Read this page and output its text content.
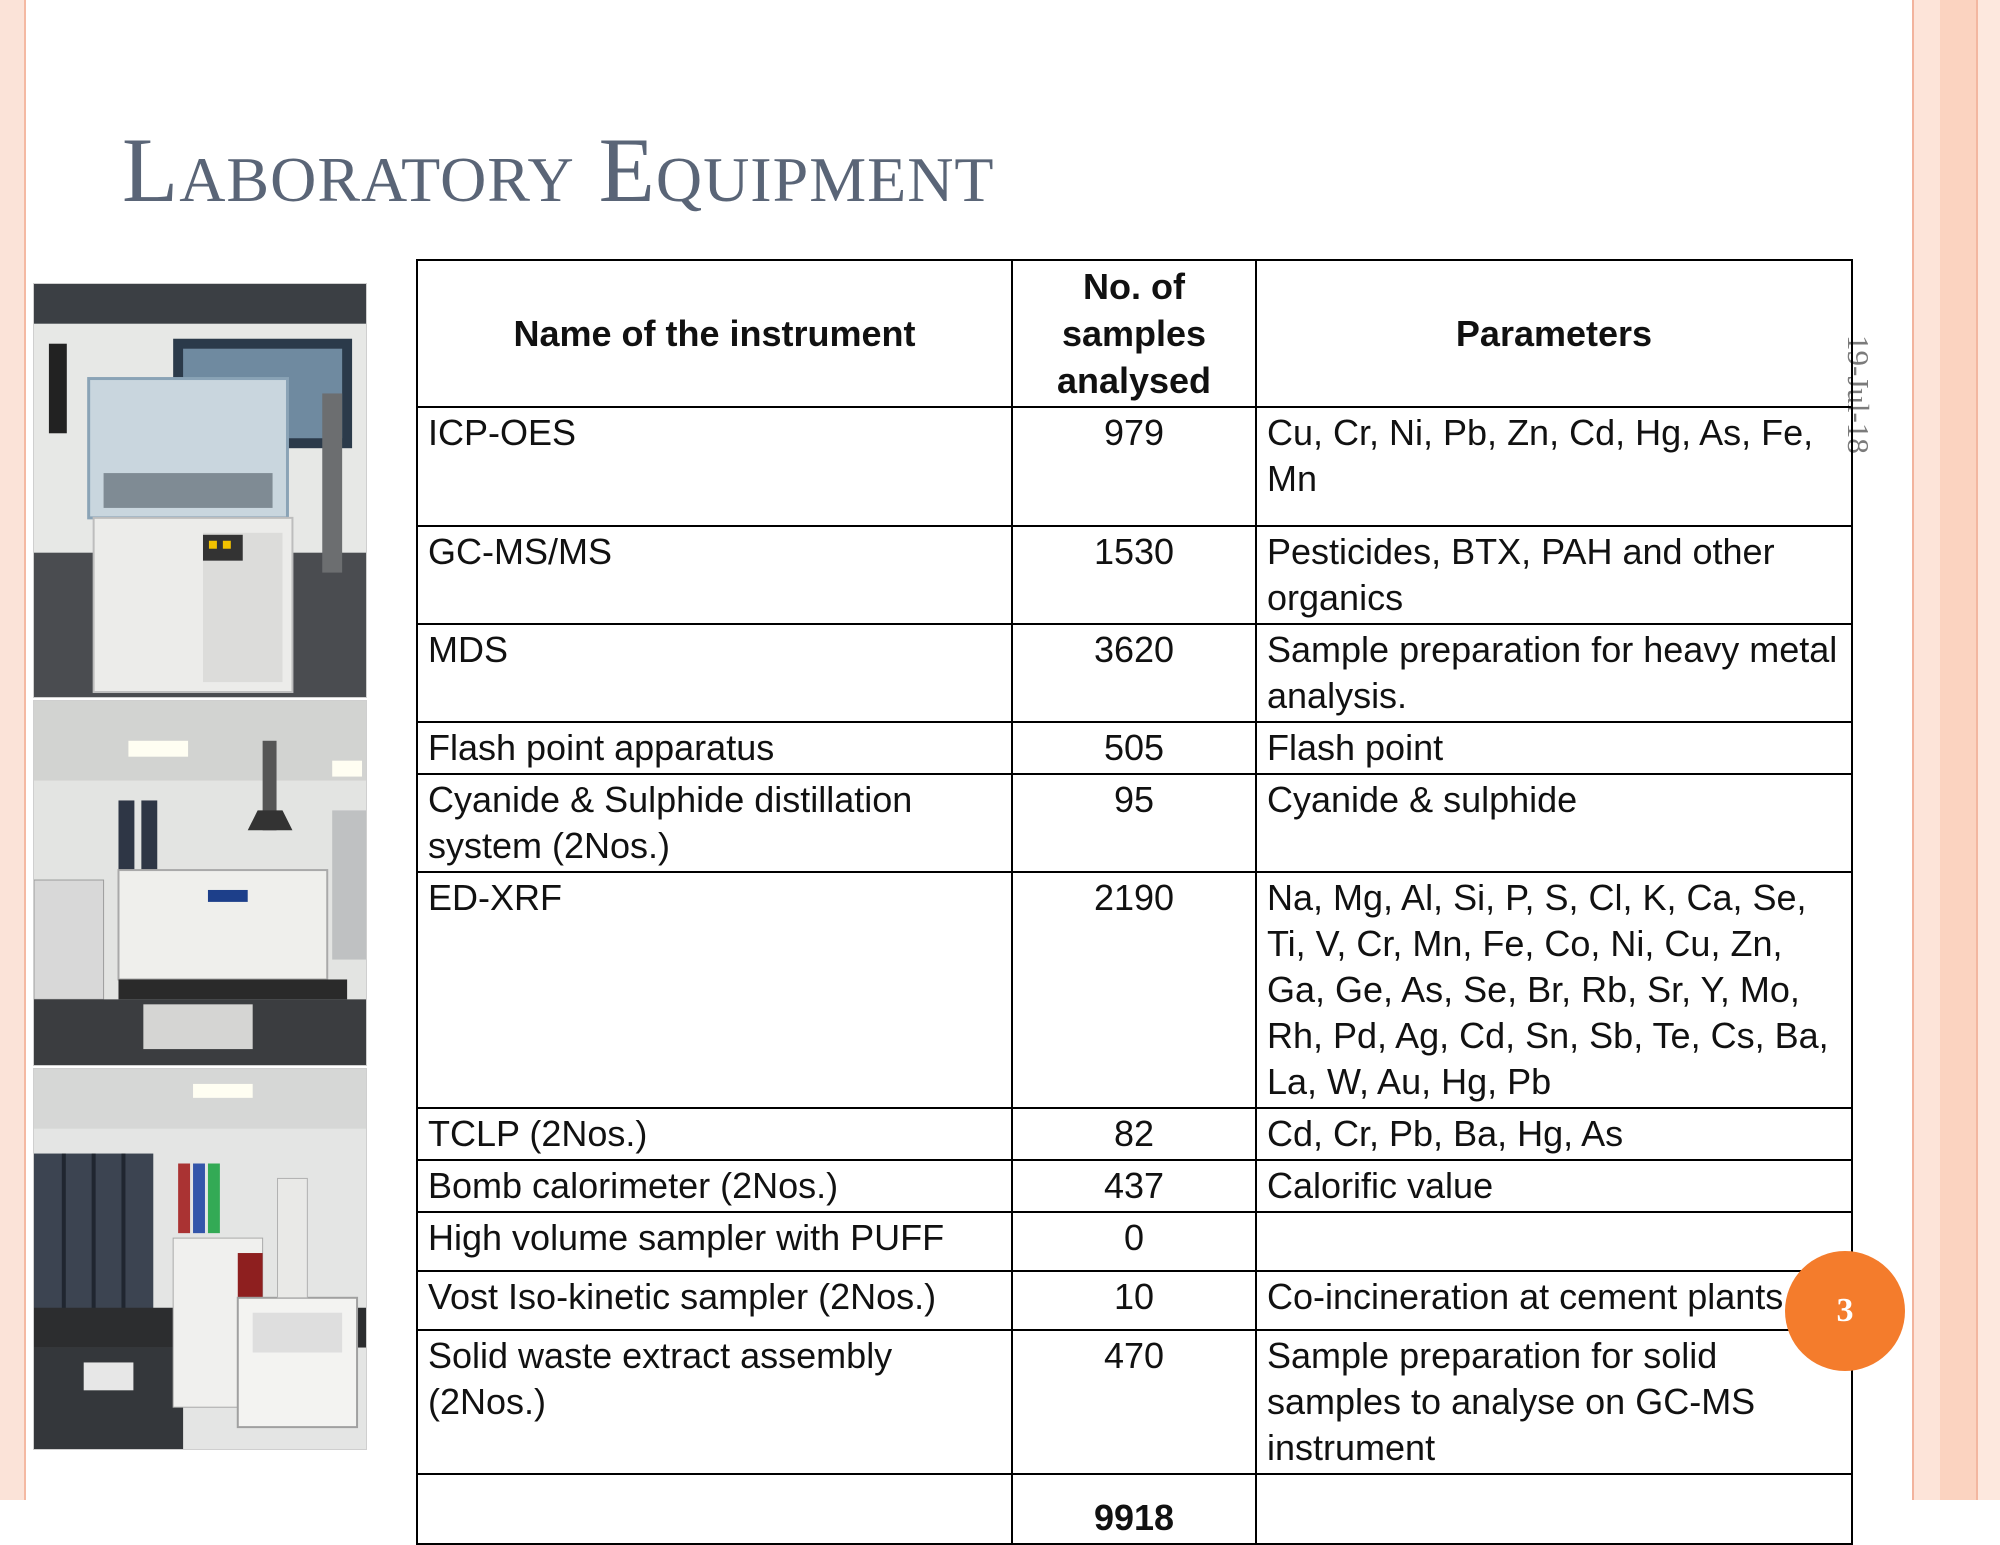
Laboratory Equipment
19-Jul-18
Name of the instrument	No. of samples analysed	Parameters
ICP-OES	979	Cu, Cr, Ni, Pb, Zn, Cd, Hg, As, Fe, Mn
GC-MS/MS	1530	Pesticides, BTX, PAH and other organics
MDS	3620	Sample preparation for heavy metal analysis.
Flash point apparatus	505	Flash point
Cyanide & Sulphide distillation system (2Nos.)	95	Cyanide & sulphide
ED-XRF	2190	Na, Mg, Al, Si, P, S, Cl, K, Ca, Se, Ti, V, Cr, Mn, Fe, Co, Ni, Cu, Zn, Ga, Ge, As, Se, Br, Rb, Sr, Y, Mo, Rh, Pd, Ag, Cd, Sn, Sb, Te, Cs, Ba, La, W, Au, Hg, Pb
TCLP (2Nos.)	82	Cd, Cr, Pb, Ba, Hg, As
Bomb calorimeter (2Nos.)	437	Calorific value
High volume sampler with PUFF	0	
Vost Iso-kinetic sampler (2Nos.)	10	Co-incineration at cement plants
Solid waste extract assembly (2Nos.)	470	Sample preparation for solid samples to analyse on GC-MS instrument
	9918	
3
